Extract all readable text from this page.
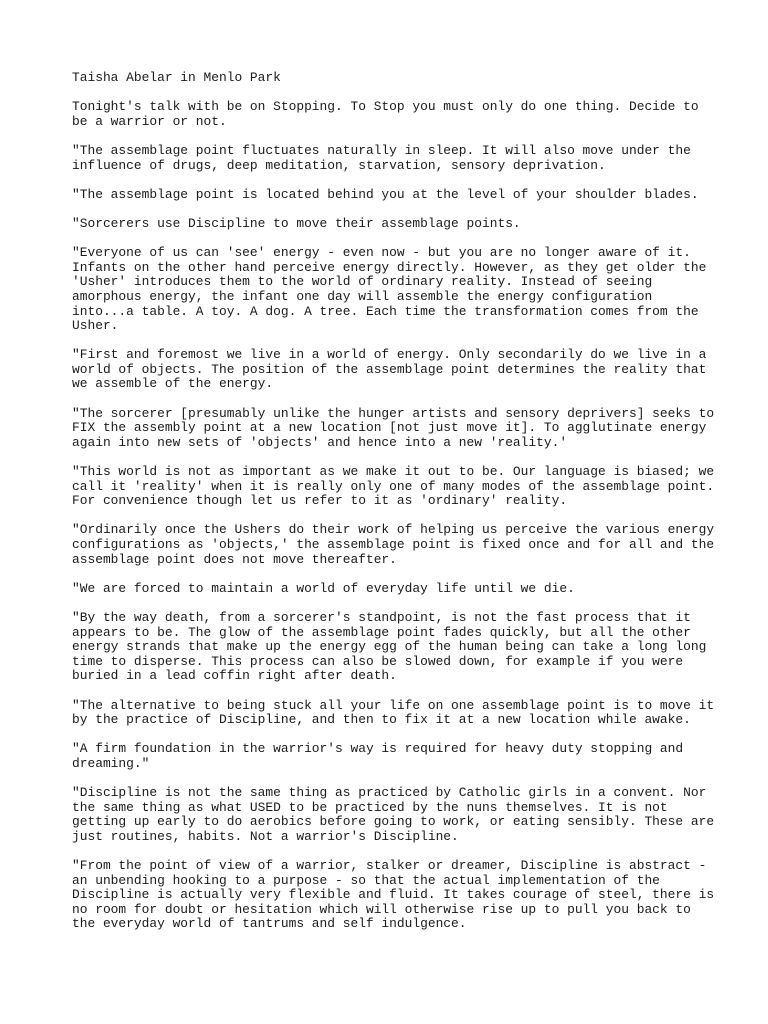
Taisha Abelar in Menlo Park
Tonight's talk with be on Stopping. To Stop you must only do one thing. Decide to
be a warrior or not.
"The assemblage point fluctuates naturally in sleep. It will also move under the
influence of drugs, deep meditation, starvation, sensory deprivation.
"The assemblage point is located behind you at the level of your shoulder blades.
"Sorcerers use Discipline to move their assemblage points.
"Everyone of us can 'see' energy - even now - but you are no longer aware of it.
Infants on the other hand perceive energy directly. However, as they get older the
'Usher' introduces them to the world of ordinary reality. Instead of seeing
amorphous energy, the infant one day will assemble the energy configuration
into...a table. A toy. A dog. A tree. Each time the transformation comes from the
Usher.
"First and foremost we live in a world of energy. Only secondarily do we live in a
world of objects. The position of the assemblage point determines the reality that
we assemble of the energy.
"The sorcerer [presumably unlike the hunger artists and sensory deprivers] seeks to
FIX the assembly point at a new location [not just move it]. To agglutinate energy
again into new sets of 'objects' and hence into a new 'reality.'
"This world is not as important as we make it out to be. Our language is biased; we
call it 'reality' when it is really only one of many modes of the assemblage point.
For convenience though let us refer to it as 'ordinary' reality.
"Ordinarily once the Ushers do their work of helping us perceive the various energy
configurations as 'objects,' the assemblage point is fixed once and for all and the
assemblage point does not move thereafter.
"We are forced to maintain a world of everyday life until we die.
"By the way death, from a sorcerer's standpoint, is not the fast process that it
appears to be. The glow of the assemblage point fades quickly, but all the other
energy strands that make up the energy egg of the human being can take a long long
time to disperse. This process can also be slowed down, for example if you were
buried in a lead coffin right after death.
"The alternative to being stuck all your life on one assemblage point is to move it
by the practice of Discipline, and then to fix it at a new location while awake.
"A firm foundation in the warrior's way is required for heavy duty stopping and
dreaming."
"Discipline is not the same thing as practiced by Catholic girls in a convent. Nor
the same thing as what USED to be practiced by the nuns themselves. It is not
getting up early to do aerobics before going to work, or eating sensibly. These are
just routines, habits. Not a warrior's Discipline.
"From the point of view of a warrior, stalker or dreamer, Discipline is abstract -
an unbending hooking to a purpose - so that the actual implementation of the
Discipline is actually very flexible and fluid. It takes courage of steel, there is
no room for doubt or hesitation which will otherwise rise up to pull you back to
the everyday world of tantrums and self indulgence.
